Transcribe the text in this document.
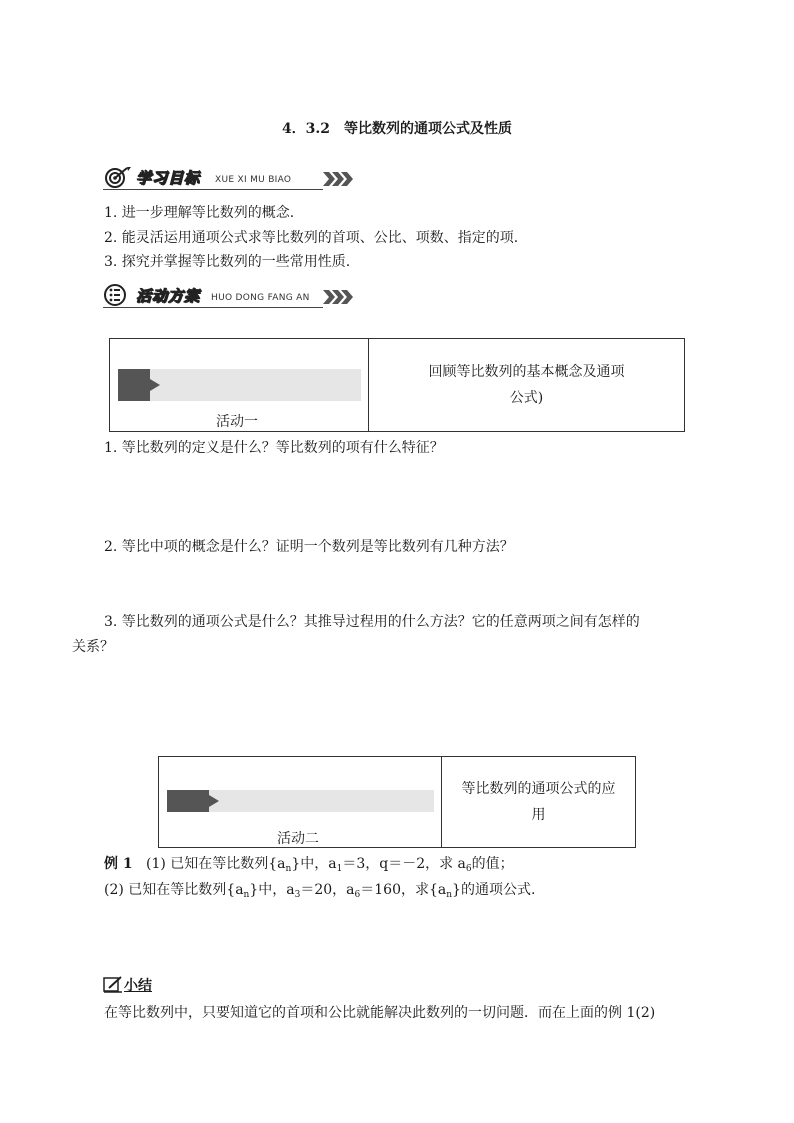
4．3.2　等比数列的通项公式及性质
学习目标 XUE XI MU BIAO
1. 进一步理解等比数列的概念.
2. 能灵活运用通项公式求等比数列的首项、公比、项数、指定的项.
3. 探究并掌握等比数列的一些常用性质.
活动方案 HUO DONG FANG AN
活动一
回顾等比数列的基本概念及通项
公式)
1. 等比数列的定义是什么？等比数列的项有什么特征？
2. 等比中项的概念是什么？证明一个数列是等比数列有几种方法？
3. 等比数列的通项公式是什么？其推导过程用的什么方法？它的任意两项之间有怎样的
关系？
活动二
等比数列的通项公式的应
用
例 1 (1) 已知在等比数列$\{a_n\}$中，$a_1=3$，q＝－2，求 $a_6$的值；
(2) 已知在等比数列$\{a_n\}$中，$a_3=20$，$a_6=160$，求$\{a_n\}$的通项公式.
小结
在等比数列中，只要知道它的首项和公比就能解决此数列的一切问题．而在上面的例 1(2)
